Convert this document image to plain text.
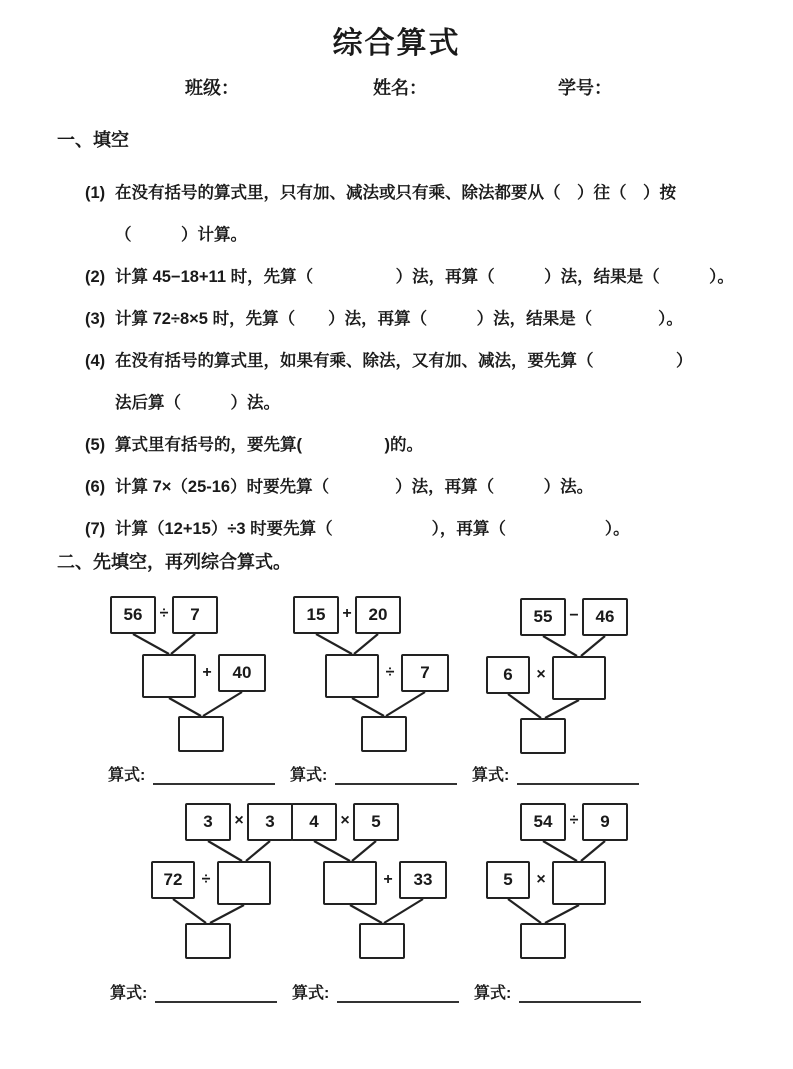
综合算式
班级：	姓名：	学号：
一、填空
(1) 在没有括号的算式里，只有加、减法或只有乘、除法都要从（　）往（　）按
（　　　）计算。
(2) 计算 45−18+11 时，先算（　　　　　）法，再算（　　　）法，结果是（　　　）。
(3) 计算 72÷8×5 时，先算（　　）法，再算（　　　）法，结果是（　　　　）。
(4) 在没有括号的算式里，如果有乘、除法，又有加、减法，要先算（　　　　　）
法后算（　　　）法。
(5) 算式里有括号的，要先算(　　　　　)的。
(6) 计算 7×（25-16）时要先算（　　　　）法，再算（　　　）法。
(7) 计算（12+15）÷3 时要先算（　　　　　　），再算（　　　　　　）。
二、先填空，再列综合算式。
56	÷	7
+	40
15	+ 20
÷	7
55	− 46
6	×
3	×	3
72	÷
4	×	5
+	33
54	÷	9
5	×
算式:	算式:	算式:
算式:	算式:	算式:
